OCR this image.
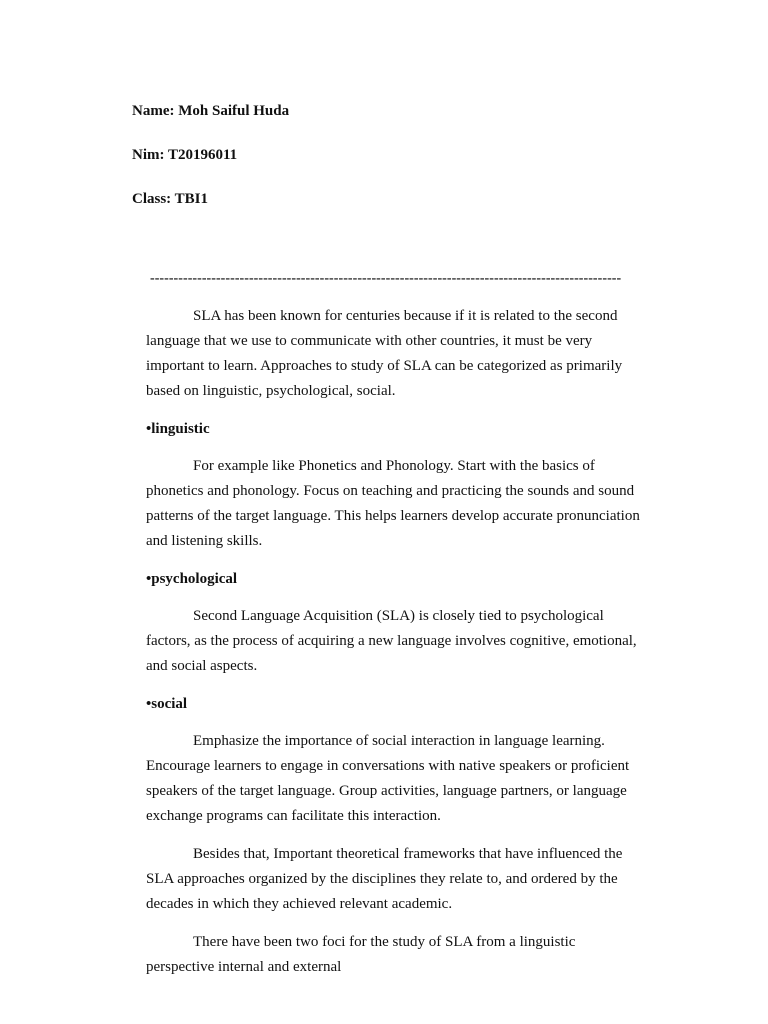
Name: Moh Saiful Huda
Nim: T20196011
Class: TBI1
----------------------------------------------------------------------------------------------------
SLA has been known for centuries because if it is related to the second
language that we use to communicate with other countries, it must be very
important to learn. Approaches to study of SLA can be categorized as primarily
based on linguistic, psychological, social.
•linguistic
For example like Phonetics and Phonology. Start with the basics of
phonetics and phonology. Focus on teaching and practicing the sounds and sound
patterns of the target language. This helps learners develop accurate pronunciation
and listening skills.
•psychological
Second Language Acquisition (SLA) is closely tied to psychological
factors, as the process of acquiring a new language involves cognitive, emotional,
and social aspects.
•social
Emphasize the importance of social interaction in language learning.
Encourage learners to engage in conversations with native speakers or proficient
speakers of the target language. Group activities, language partners, or language
exchange programs can facilitate this interaction.
Besides that, Important theoretical frameworks that have influenced the
SLA approaches organized by the disciplines they relate to, and ordered by the
decades in which they achieved relevant academic.
There have been two foci for the study of SLA from a linguistic
perspective internal and external
